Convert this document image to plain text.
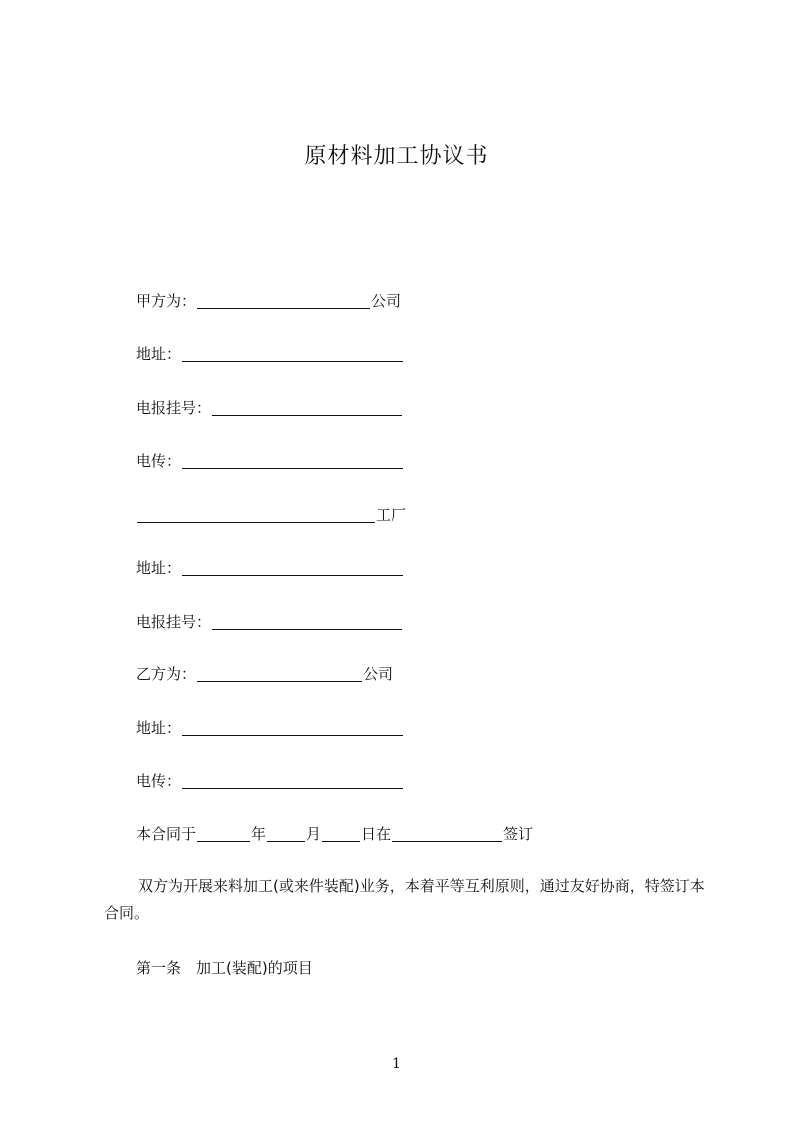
原材料加工协议书
甲方为：	公司
地址：
电报挂号：
电传：
工厂
地址：
电报挂号：
乙方为：	公司
地址：
电传：
本合同于	年	月	日在	签订
双方为开展来料加工(或来件装配)业务，本着平等互利原则，通过友好协商，特签订本合同。
第一条　加工(装配)的项目
1
